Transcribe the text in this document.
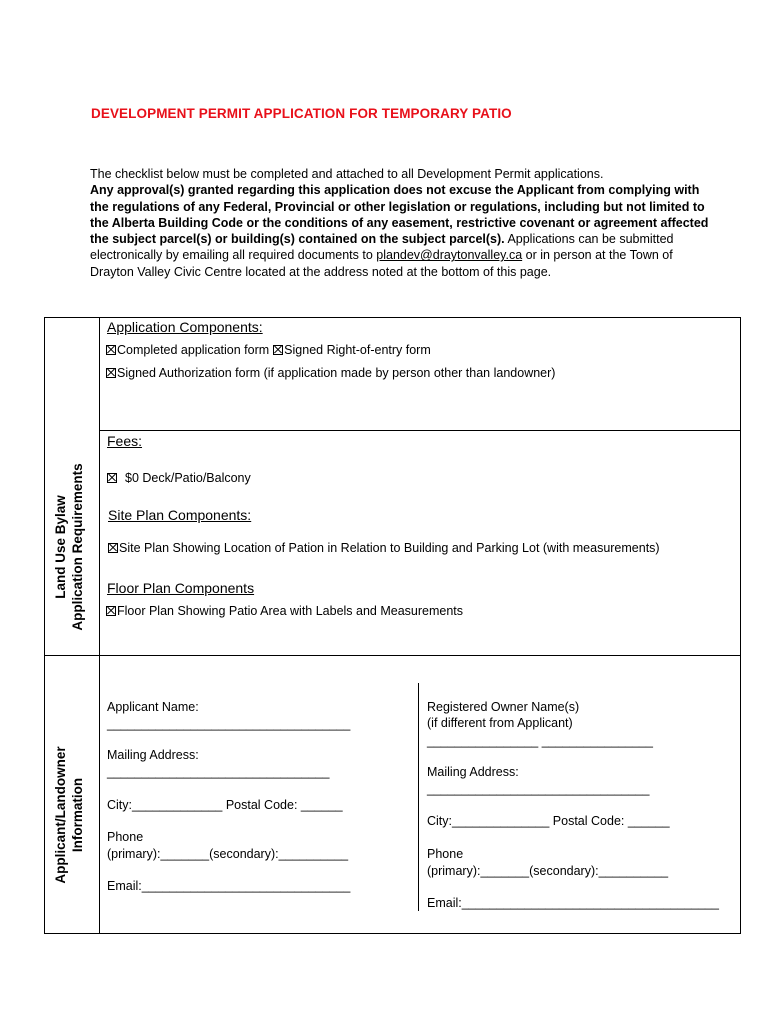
DEVELOPMENT PERMIT APPLICATION FOR TEMPORARY PATIO
The checklist below must be completed and attached to all Development Permit applications.
Any approval(s) granted regarding this application does not excuse the Applicant from complying with the regulations of any Federal, Provincial or other legislation or regulations, including but not limited to the Alberta Building Code or the conditions of any easement, restrictive covenant or agreement affected the subject parcel(s) or building(s) contained on the subject parcel(s). Applications can be submitted electronically by emailing all required documents to plandev@draytonvalley.ca or in person at the Town of Drayton Valley Civic Centre located at the address noted at the bottom of this page.
Land Use Bylaw Application Requirements
Applicant/Landowner Information
Application Components:
Completed application form Signed Right-of-entry form
Signed Authorization form (if application made by person other than landowner)
Fees:
$0 Deck/Patio/Balcony
Site Plan Components:
Site Plan Showing Location of Pation in Relation to Building and Parking Lot (with measurements)
Floor Plan Components
Floor Plan Showing Patio Area with Labels and Measurements
Applicant Name:
___________________________________
Mailing Address:
________________________________
City:_____________ Postal Code: ______
Phone
(primary):_______(secondary):__________
Email:______________________________
Registered Owner Name(s)
(if different from Applicant)
________________ ________________
Mailing Address:
________________________________
City:______________ Postal Code: ______
Phone
(primary):_______(secondary):__________
Email:_____________________________________
